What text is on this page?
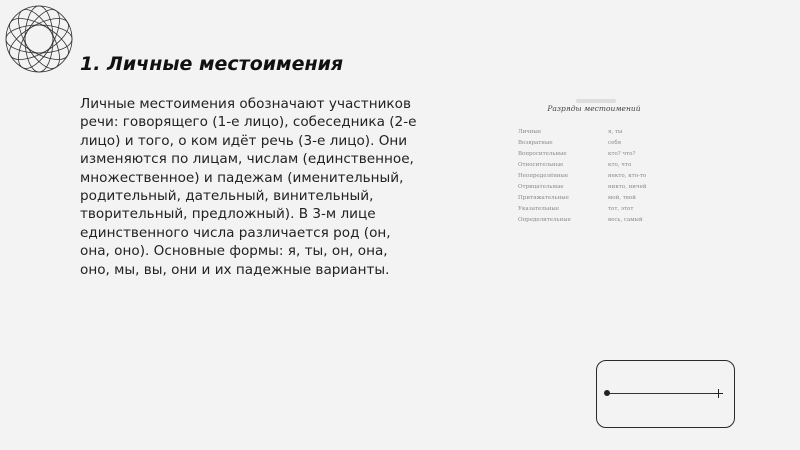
1. Личные местоимения

Личные местоимения обозначают участников речи: говорящего (1-е лицо), собеседника (2-е лицо) и того, о ком идёт речь (3-е лицо). Они изменяются по лицам, числам (единственное, множественное) и падежам (именительный, родительный, дательный, винительный, творительный, предложный). В 3-м лице единственного числа различается род (он, она, оно). Основные формы: я, ты, он, она, оно, мы, вы, они и их падежные варианты.

Разряды местоимений
Личные	я, ты
Возвратные	себя
Вопросительные	кто? что?
Относительные	кто, что
Неопределённые	некто, кто-то
Отрицательные	никто, ничей
Притяжательные	мой, твой
Указательные	тот, этот
Определительные	весь, самый
